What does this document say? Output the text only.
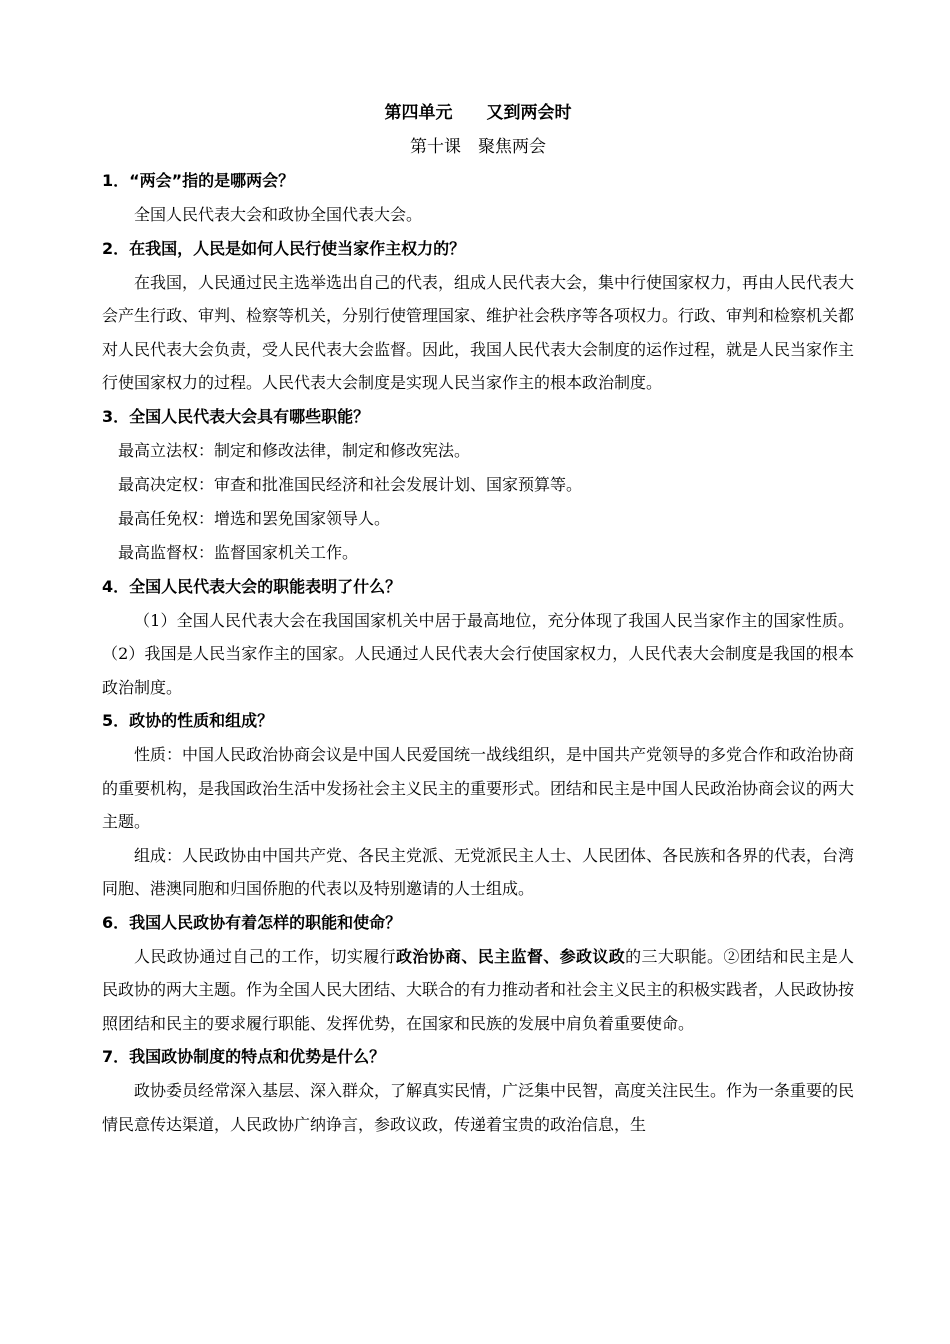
第四单元　　又到两会时
第十课　聚焦两会
1．“两会”指的是哪两会？
全国人民代表大会和政协全国代表大会。
2．在我国，人民是如何人民行使当家作主权力的？
在我国，人民通过民主选举选出自己的代表，组成人民代表大会，集中行使国家权力，再由人民代表大会产生行政、审判、检察等机关，分别行使管理国家、维护社会秩序等各项权力。行政、审判和检察机关都对人民代表大会负责，受人民代表大会监督。因此，我国人民代表大会制度的运作过程，就是人民当家作主行使国家权力的过程。人民代表大会制度是实现人民当家作主的根本政治制度。
3．全国人民代表大会具有哪些职能？
最高立法权：制定和修改法律，制定和修改宪法。
最高决定权：审查和批准国民经济和社会发展计划、国家预算等。
最高任免权：增选和罢免国家领导人。
最高监督权：监督国家机关工作。
4．全国人民代表大会的职能表明了什么？
（1）全国人民代表大会在我国国家机关中居于最高地位，充分体现了我国人民当家作主的国家性质。（2）我国是人民当家作主的国家。人民通过人民代表大会行使国家权力，人民代表大会制度是我国的根本政治制度。
5．政协的性质和组成？
性质：中国人民政治协商会议是中国人民爱国统一战线组织，是中国共产党领导的多党合作和政治协商的重要机构，是我国政治生活中发扬社会主义民主的重要形式。团结和民主是中国人民政治协商会议的两大主题。
组成：人民政协由中国共产党、各民主党派、无党派民主人士、人民团体、各民族和各界的代表，台湾同胞、港澳同胞和归国侨胞的代表以及特别邀请的人士组成。
6．我国人民政协有着怎样的职能和使命？
人民政协通过自己的工作，切实履行政治协商、民主监督、参政议政的三大职能。②团结和民主是人民政协的两大主题。作为全国人民大团结、大联合的有力推动者和社会主义民主的积极实践者，人民政协按照团结和民主的要求履行职能、发挥优势，在国家和民族的发展中肩负着重要使命。
7．我国政协制度的特点和优势是什么？
政协委员经常深入基层、深入群众，了解真实民情，广泛集中民智，高度关注民生。作为一条重要的民情民意传达渠道，人民政协广纳诤言，参政议政，传递着宝贵的政治信息，生
